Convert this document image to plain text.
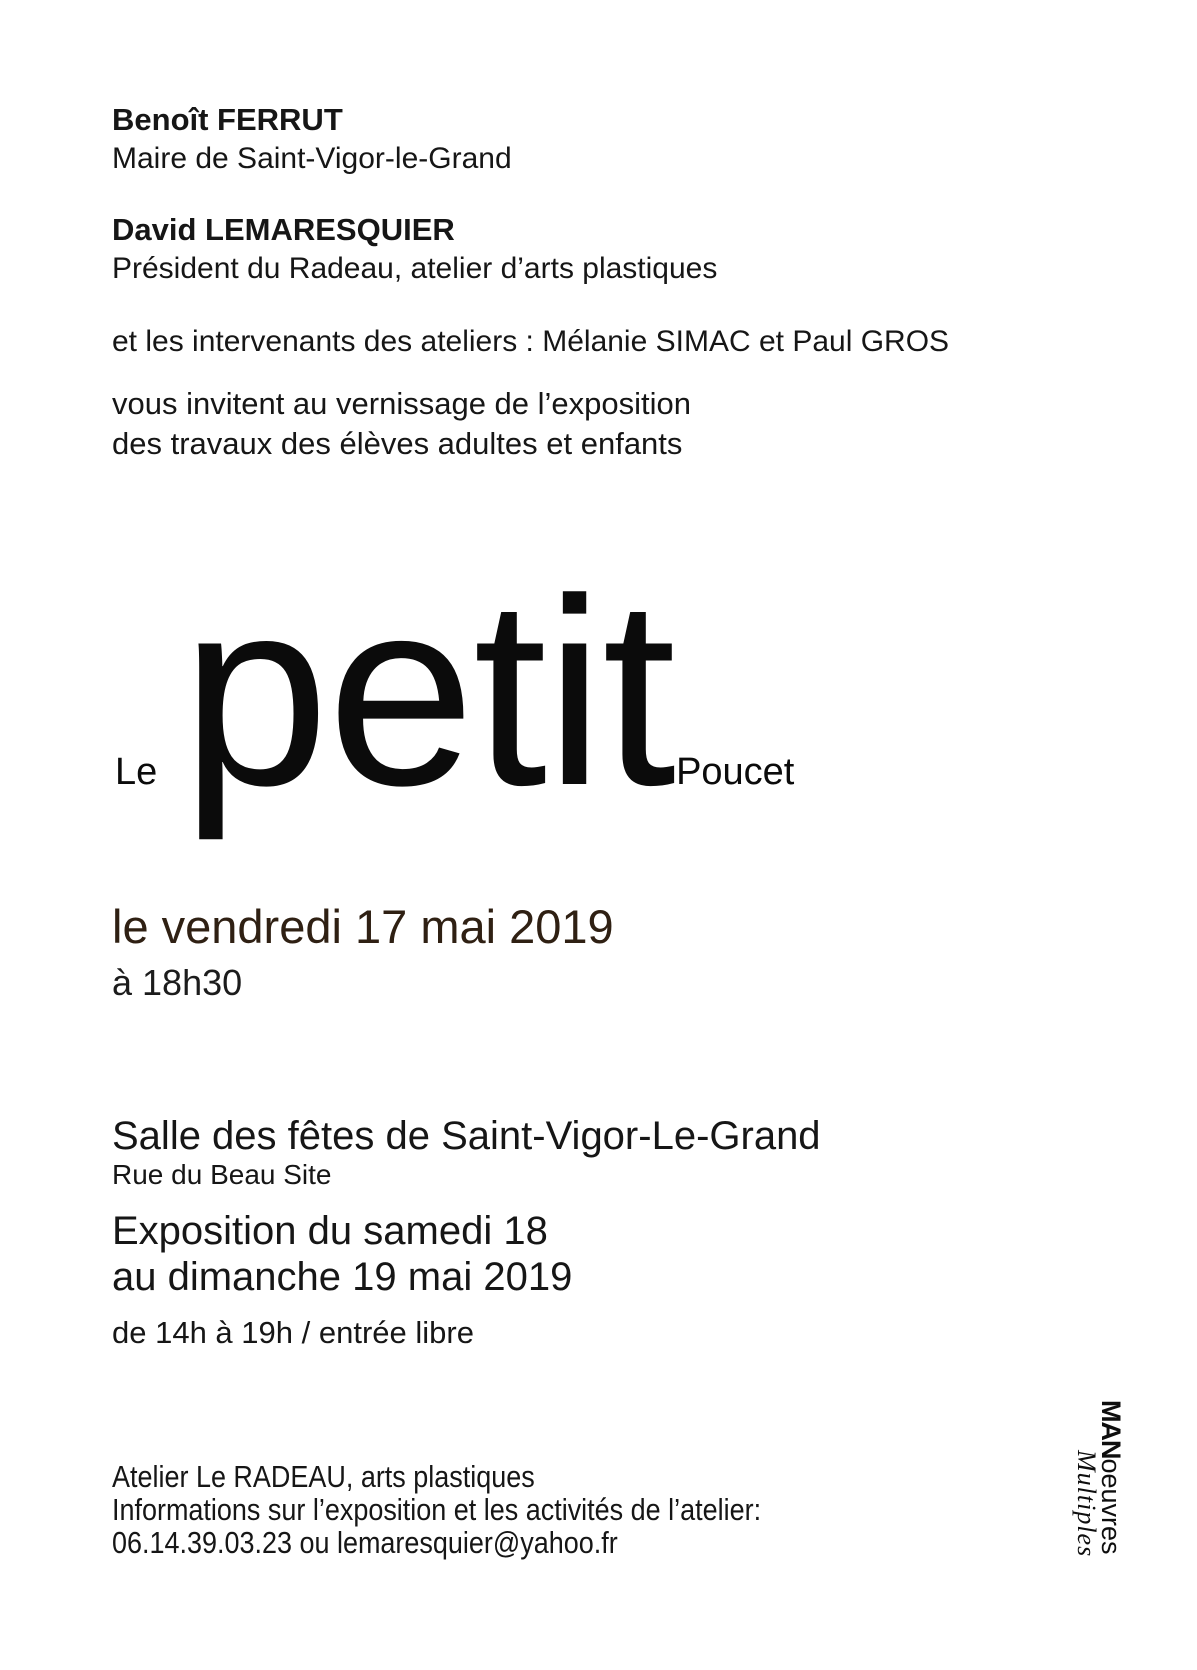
Benoît FERRUT
Maire de Saint-Vigor-le-Grand
David LEMARESQUIER
Président du Radeau, atelier d’arts plastiques
et les intervenants des ateliers : Mélanie SIMAC et Paul GROS
vous invitent au vernissage de l’exposition
des travaux des élèves adultes et enfants
Le petit Poucet
le vendredi 17 mai 2019
à 18h30
Salle des fêtes de Saint-Vigor-Le-Grand
Rue du Beau Site
Exposition du samedi 18
au dimanche 19 mai 2019
de 14h à 19h / entrée libre
Atelier Le RADEAU, arts plastiques
Informations sur l’exposition et les activités de l’atelier:
06.14.39.03.23 ou lemaresquier@yahoo.fr
MANoeuvres
Multiples
